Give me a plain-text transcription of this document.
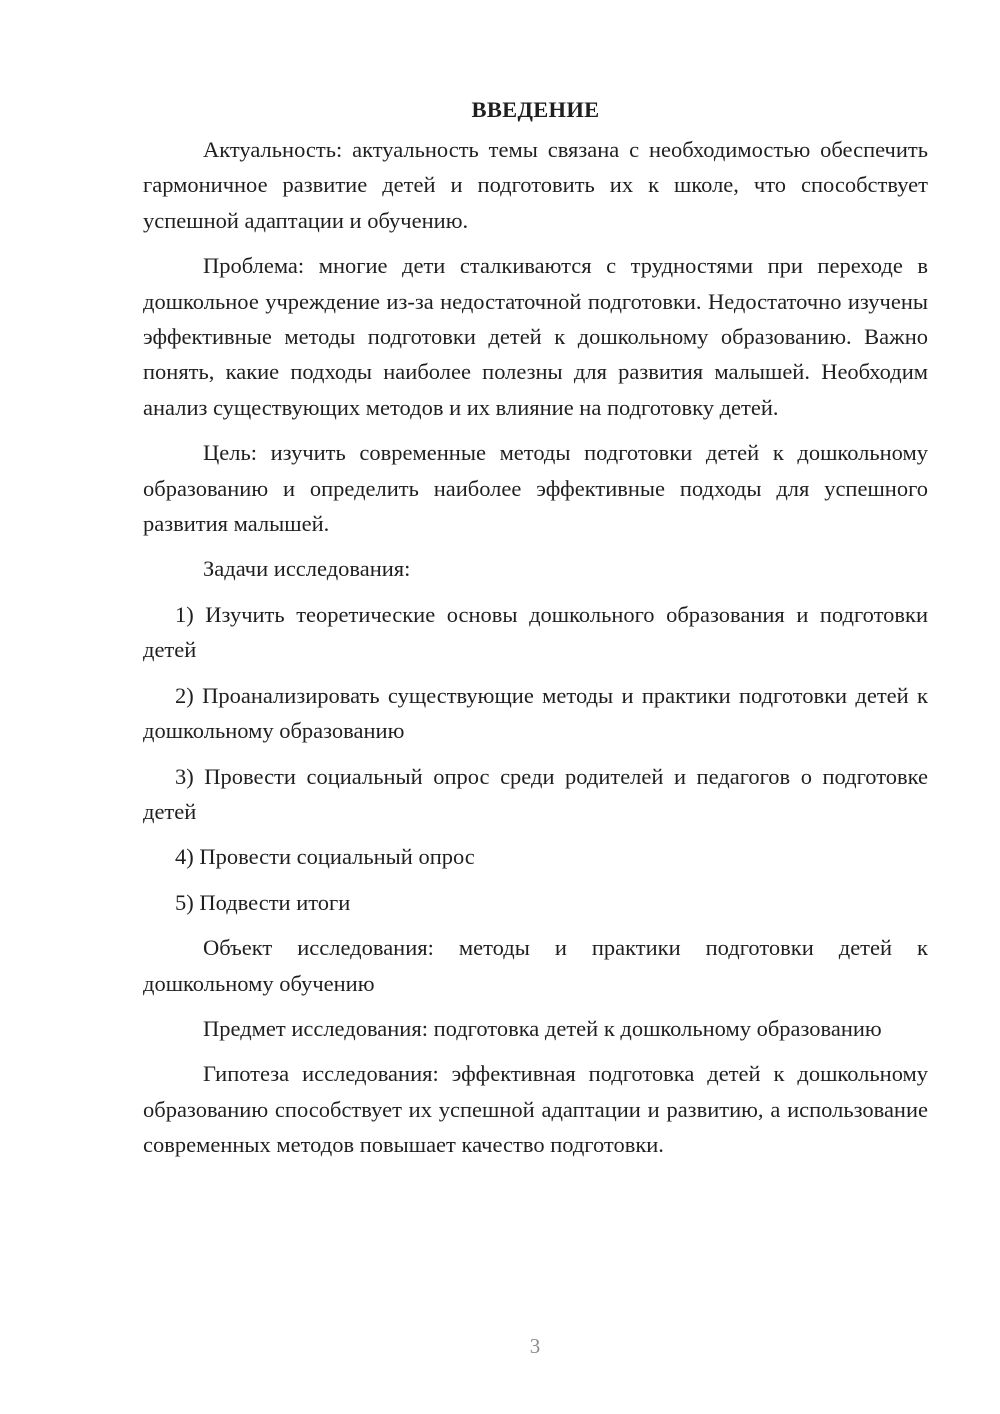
ВВЕДЕНИЕ

Актуальность: актуальность темы связана с необходимостью обеспечить гармоничное развитие детей и подготовить их к школе, что способствует успешной адаптации и обучению.

Проблема: многие дети сталкиваются с трудностями при переходе в дошкольное учреждение из-за недостаточной подготовки. Недостаточно изучены эффективные методы подготовки детей к дошкольному образованию. Важно понять, какие подходы наиболее полезны для развития малышей. Необходим анализ существующих методов и их влияние на подготовку детей.

Цель: изучить современные методы подготовки детей к дошкольному образованию и определить наиболее эффективные подходы для успешного развития малышей.

Задачи исследования:

1) Изучить теоретические основы дошкольного образования и подготовки детей

2) Проанализировать существующие методы и практики подготовки детей к дошкольному образованию

3) Провести социальный опрос среди родителей и педагогов о подготовке детей

4) Провести социальный опрос

5) Подвести итоги

Объект исследования: методы и практики подготовки детей к дошкольному обучению

Предмет исследования: подготовка детей к дошкольному образованию

Гипотеза исследования: эффективная подготовка детей к дошкольному образованию способствует их успешной адаптации и развитию, а использование современных методов повышает качество подготовки.

3
